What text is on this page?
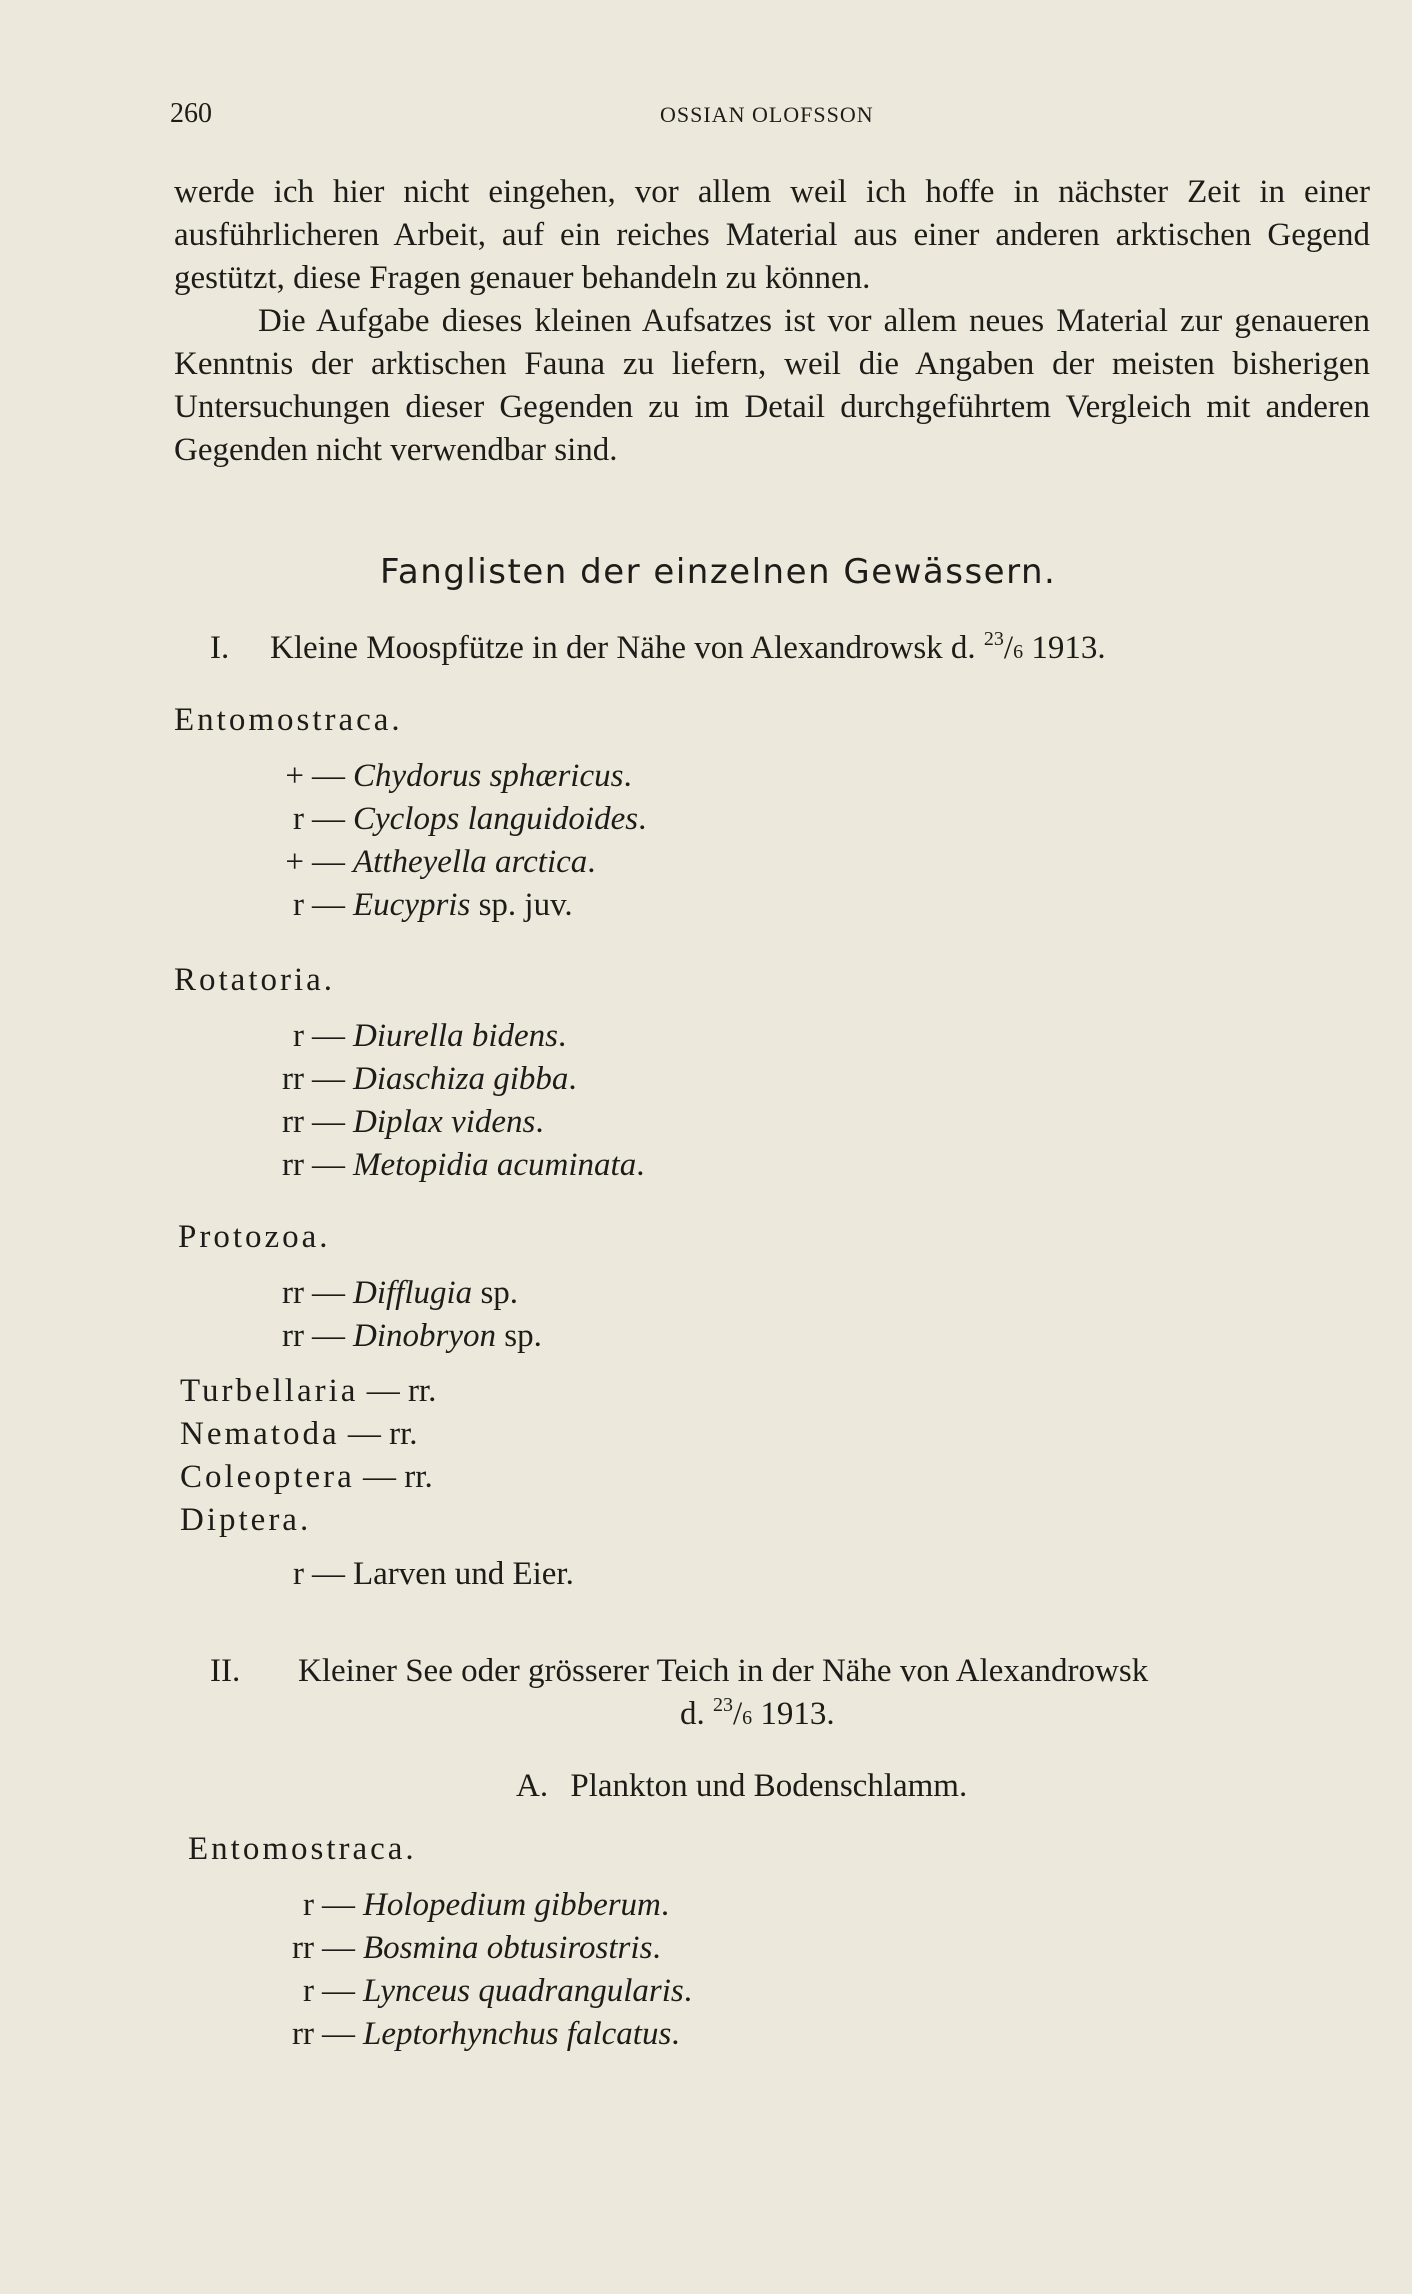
260	OSSIAN OLOFSSON

werde ich hier nicht eingehen, vor allem weil ich hoffe in nächster Zeit in einer ausführlicheren Arbeit, auf ein reiches Material aus einer anderen arktischen Gegend gestützt, diese Fragen genauer behandeln zu können.

Die Aufgabe dieses kleinen Aufsatzes ist vor allem neues Material zur genaueren Kenntnis der arktischen Fauna zu liefern, weil die Angaben der meisten bisherigen Untersuchungen dieser Gegenden zu im Detail durchgeführtem Vergleich mit anderen Gegenden nicht verwendbar sind.

Fanglisten der einzelnen Gewässern.
I. Kleine Moospfütze in der Nähe von Alexandrowsk d. $^{23}$/6 1913.
Entomostraca.
+ — Chydorus sphæricus.
r — Cyclops languidoides.
+ — Attheyella arctica.
r — Eucypris sp. juv.
Rotatoria.
r — Diurella bidens.
rr — Diaschiza gibba.
rr — Diplax videns.
rr — Metopidia acuminata.
Protozoa.
rr — Difflugia sp.
rr — Dinobryon sp.
Turbellaria — rr.
Nematoda — rr.
Coleoptera — rr.
Diptera.
r — Larven und Eier.
II. Kleiner See oder grösserer Teich in der Nähe von Alexandrowsk
d. $^{23}$/6 1913.
A. Plankton und Bodenschlamm.
Entomostraca.
r — Holopedium gibberum.
rr — Bosmina obtusirostris.
r — Lynceus quadrangularis.
rr — Leptorhynchus falcatus.
